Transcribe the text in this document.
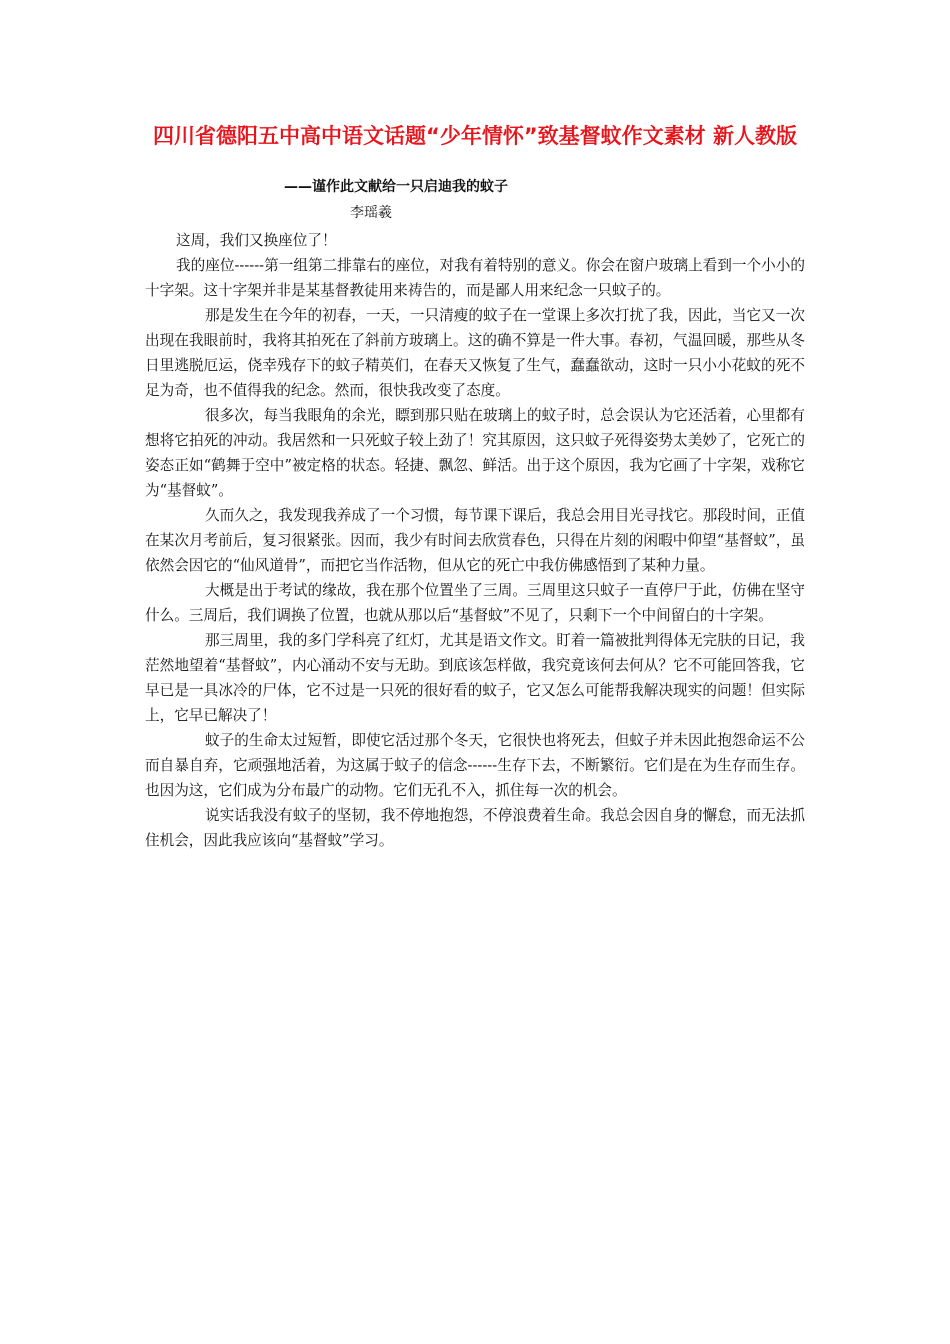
四川省德阳五中高中语文话题“少年情怀”致基督蚊作文素材 新人教版

——谨作此文献给一只启迪我的蚊子

李瑶羲

这周，我们又换座位了！

我的座位------第一组第二排靠右的座位，对我有着特别的意义。你会在窗户玻璃上看到一个小小的十字架。这十字架并非是某基督教徒用来祷告的，而是鄙人用来纪念一只蚊子的。

那是发生在今年的初春，一天，一只清瘦的蚊子在一堂课上多次打扰了我，因此，当它又一次出现在我眼前时，我将其拍死在了斜前方玻璃上。这的确不算是一件大事。春初，气温回暖，那些从冬日里逃脱厄运，侥幸残存下的蚊子精英们，在春天又恢复了生气，蠢蠢欲动，这时一只小小花蚊的死不足为奇，也不值得我的纪念。然而，很快我改变了态度。

很多次，每当我眼角的余光，瞟到那只贴在玻璃上的蚊子时，总会误认为它还活着，心里都有想将它拍死的冲动。我居然和一只死蚊子较上劲了！究其原因，这只蚊子死得姿势太美妙了，它死亡的姿态正如“鹤舞于空中”被定格的状态。轻捷、飘忽、鲜活。出于这个原因，我为它画了十字架，戏称它为“基督蚊”。

久而久之，我发现我养成了一个习惯，每节课下课后，我总会用目光寻找它。那段时间，正值在某次月考前后，复习很紧张。因而，我少有时间去欣赏春色，只得在片刻的闲暇中仰望“基督蚊”，虽依然会因它的“仙风道骨”，而把它当作活物，但从它的死亡中我仿佛感悟到了某种力量。

大概是出于考试的缘故，我在那个位置坐了三周。三周里这只蚊子一直停尸于此，仿佛在坚守什么。三周后，我们调换了位置，也就从那以后“基督蚊”不见了，只剩下一个中间留白的十字架。

那三周里，我的多门学科亮了红灯，尤其是语文作文。盯着一篇被批判得体无完肤的日记，我茫然地望着“基督蚊”，内心涌动不安与无助。到底该怎样做，我究竟该何去何从？它不可能回答我，它早已是一具冰冷的尸体，它不过是一只死的很好看的蚊子，它又怎么可能帮我解决现实的问题！但实际上，它早已解决了！

蚊子的生命太过短暂，即使它活过那个冬天，它很快也将死去，但蚊子并未因此抱怨命运不公而自暴自弃，它顽强地活着，为这属于蚊子的信念------生存下去，不断繁衍。它们是在为生存而生存。也因为这，它们成为分布最广的动物。它们无孔不入，抓住每一次的机会。

说实话我没有蚊子的坚韧，我不停地抱怨，不停浪费着生命。我总会因自身的懈怠，而无法抓住机会，因此我应该向“基督蚊”学习。
